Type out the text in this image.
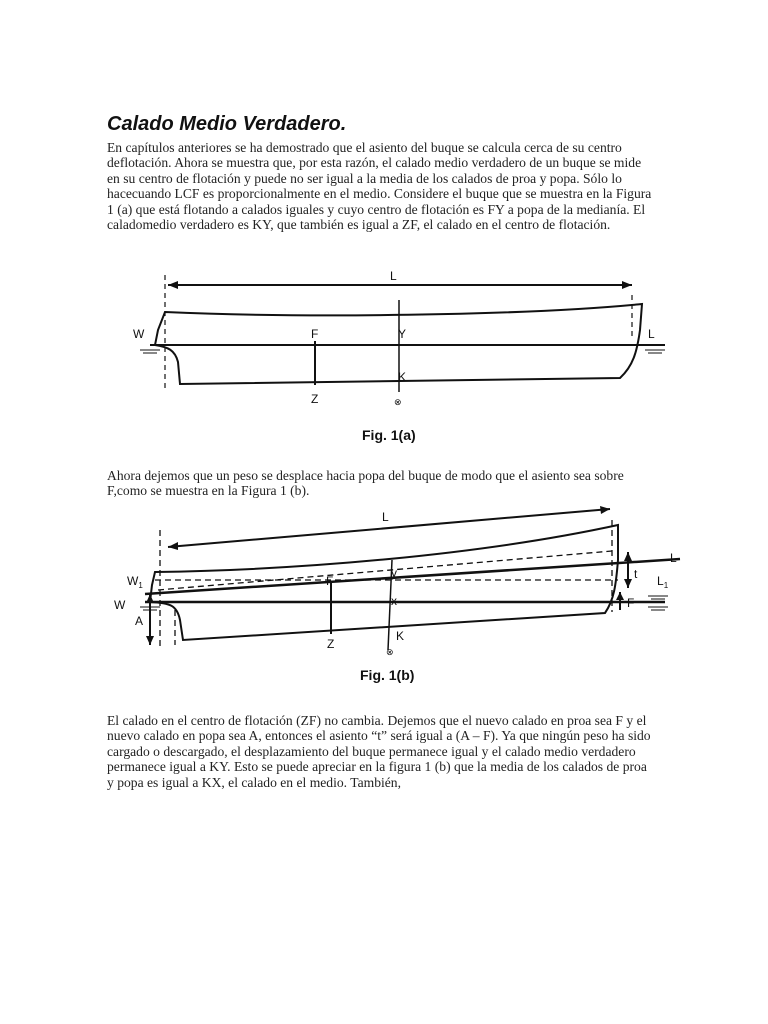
Calado Medio Verdadero.

En capítulos anteriores se ha demostrado que el asiento del buque se calcula cerca de su centro deflotación. Ahora se muestra que, por esta razón, el calado medio verdadero de un buque se mide en su centro de flotación y puede no ser igual a la media de los calados de proa y popa. Sólo lo hacecuando LCF es proporcionalmente en el medio. Considere el buque que se muestra en la Figura 1 (a) que está flotando a calados iguales y cuyo centro de flotación es FY a popa de la medianía. El caladomedio verdadero es KY, que también es igual a ZF, el calado en el centro de flotación.

Ahora dejemos que un peso se desplace hacia popa del buque de modo que el asiento sea sobre F,como se muestra en la Figura 1 (b).

El calado en el centro de flotación (ZF) no cambia. Dejemos que el nuevo calado en proa sea F y el nuevo calado en popa sea A, entonces el asiento “t” será igual a (A – F). Ya que ningún peso ha sido cargado o descargado, el desplazamiento del buque permanece igual y el calado medio verdadero permanece igual a KY. Esto se puede apreciar en la figura 1 (b) que la media de los calados de proa y popa es igual a KX, el calado en el medio. También,

L
W	F	Y	L
K
Z	⊗
Fig. 1(a)
L
$W_1$
W
F
y
x
L
$L_1$
t
F
A
Z
K
⊗
Fig. 1(b)
